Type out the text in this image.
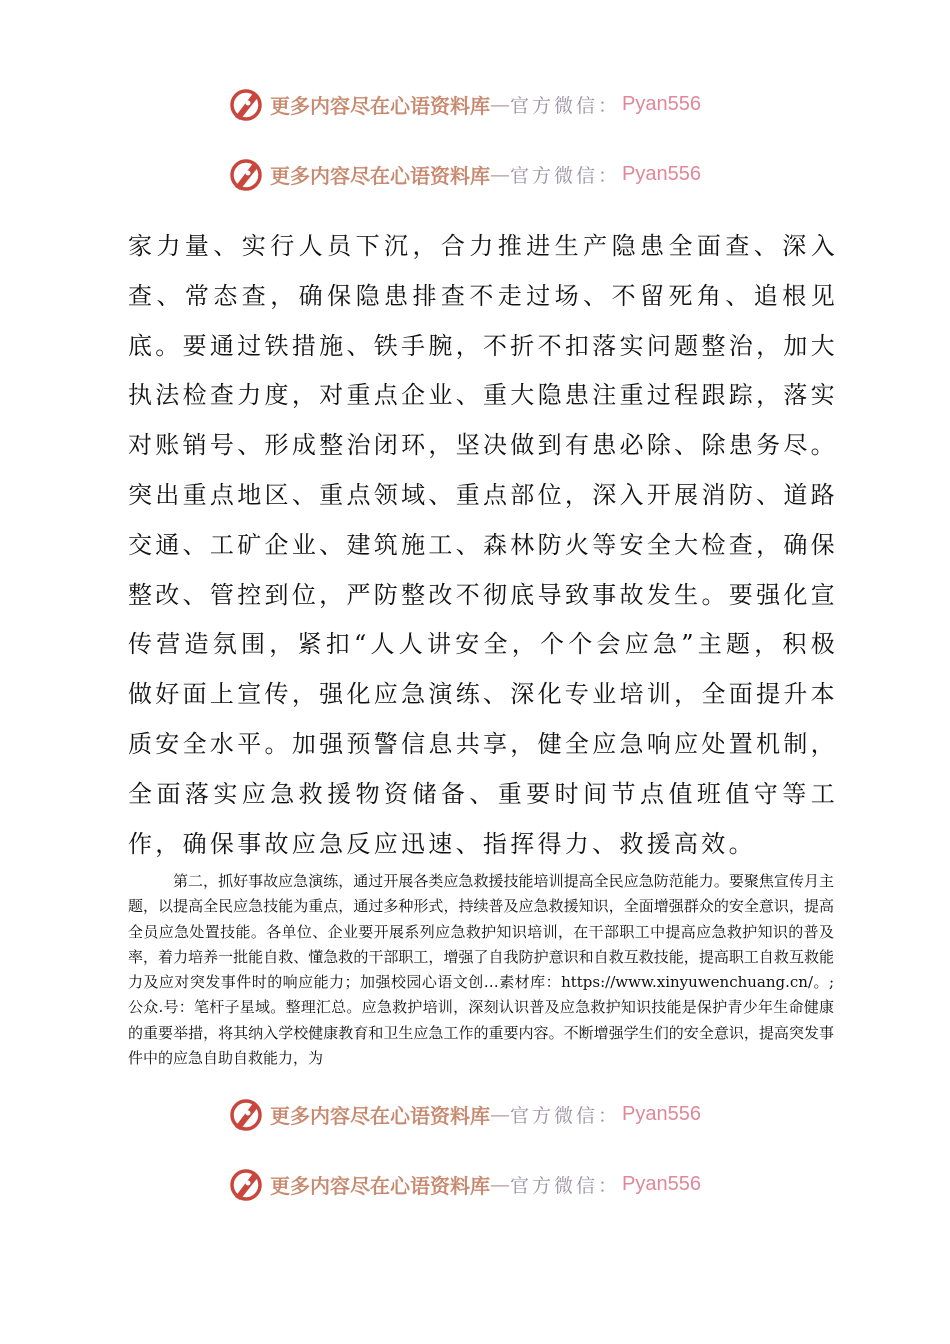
更多内容尽在心语资料库 — 官方微信： Pyan556
更多内容尽在心语资料库 — 官方微信： Pyan556

家力量、实行人员下沉，合力推进生产隐患全面查、深入查、常态查，确保隐患排查不走过场、不留死角、追根见底。要通过铁措施、铁手腕，不折不扣落实问题整治，加大执法检查力度，对重点企业、重大隐患注重过程跟踪，落实对账销号、形成整治闭环，坚决做到有患必除、除患务尽。突出重点地区、重点领域、重点部位，深入开展消防、道路交通、工矿企业、建筑施工、森林防火等安全大检查，确保整改、管控到位，严防整改不彻底导致事故发生。要强化宣传营造氛围，紧扣“人人讲安全，个个会应急”主题，积极做好面上宣传，强化应急演练、深化专业培训，全面提升本质安全水平。加强预警信息共享，健全应急响应处置机制，全面落实应急救援物资储备、重要时间节点值班值守等工作，确保事故应急反应迅速、指挥得力、救援高效。

第二，抓好事故应急演练，通过开展各类应急救援技能培训提高全民应急防范能力。要聚焦宣传月主题，以提高全民应急技能为重点，通过多种形式，持续普及应急救援知识，全面增强群众的安全意识，提高全员应急处置技能。各单位、企业要开展系列应急救护知识培训，在干部职工中提高应急救护知识的普及率，着力培养一批能自救、懂急救的干部职工，增强了自我防护意识和自救互救技能，提高职工自救互救能力及应对突发事件时的响应能力；加强校园心语文创…素材库：https://www.xinyuwenchuang.cn/。;公众.号：笔杆子星域。整理汇总。应急救护培训，深刻认识普及应急救护知识技能是保护青少年生命健康的重要举措，将其纳入学校健康教育和卫生应急工作的重要内容。不断增强学生们的安全意识，提高突发事件中的应急自助自救能力，为

更多内容尽在心语资料库 — 官方微信： Pyan556
更多内容尽在心语资料库 — 官方微信： Pyan556
